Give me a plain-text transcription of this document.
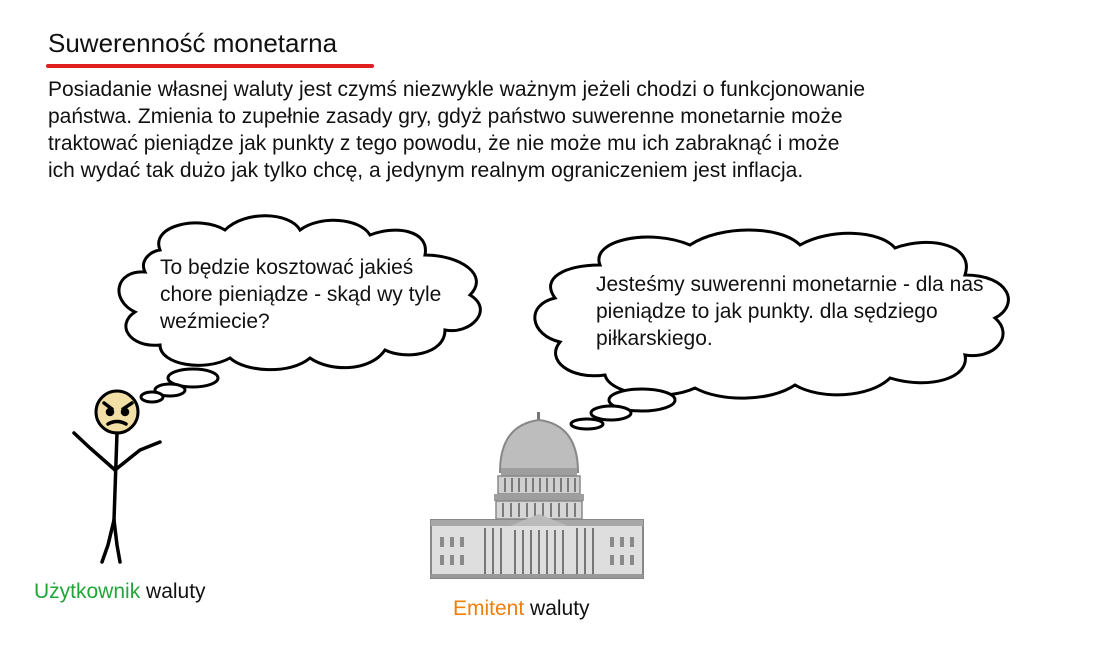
Suwerenność monetarna
Posiadanie własnej waluty jest czymś niezwykle ważnym jeżeli chodzi o funkcjonowanie państwa. Zmienia to zupełnie zasady gry, gdyż państwo suwerenne monetarnie może traktować pieniądze jak punkty z tego powodu, że nie może mu ich zabraknąć i może ich wydać tak dużo jak tylko chcę, a jedynym realnym ograniczeniem jest inflacja.
To będzie kosztować jakieś chore pieniądze - skąd wy tyle weźmiecie?
Jesteśmy suwerenni monetarnie - dla nas pieniądze to jak punkty. dla sędziego piłkarskiego.
Użytkownik waluty
Emitent waluty
